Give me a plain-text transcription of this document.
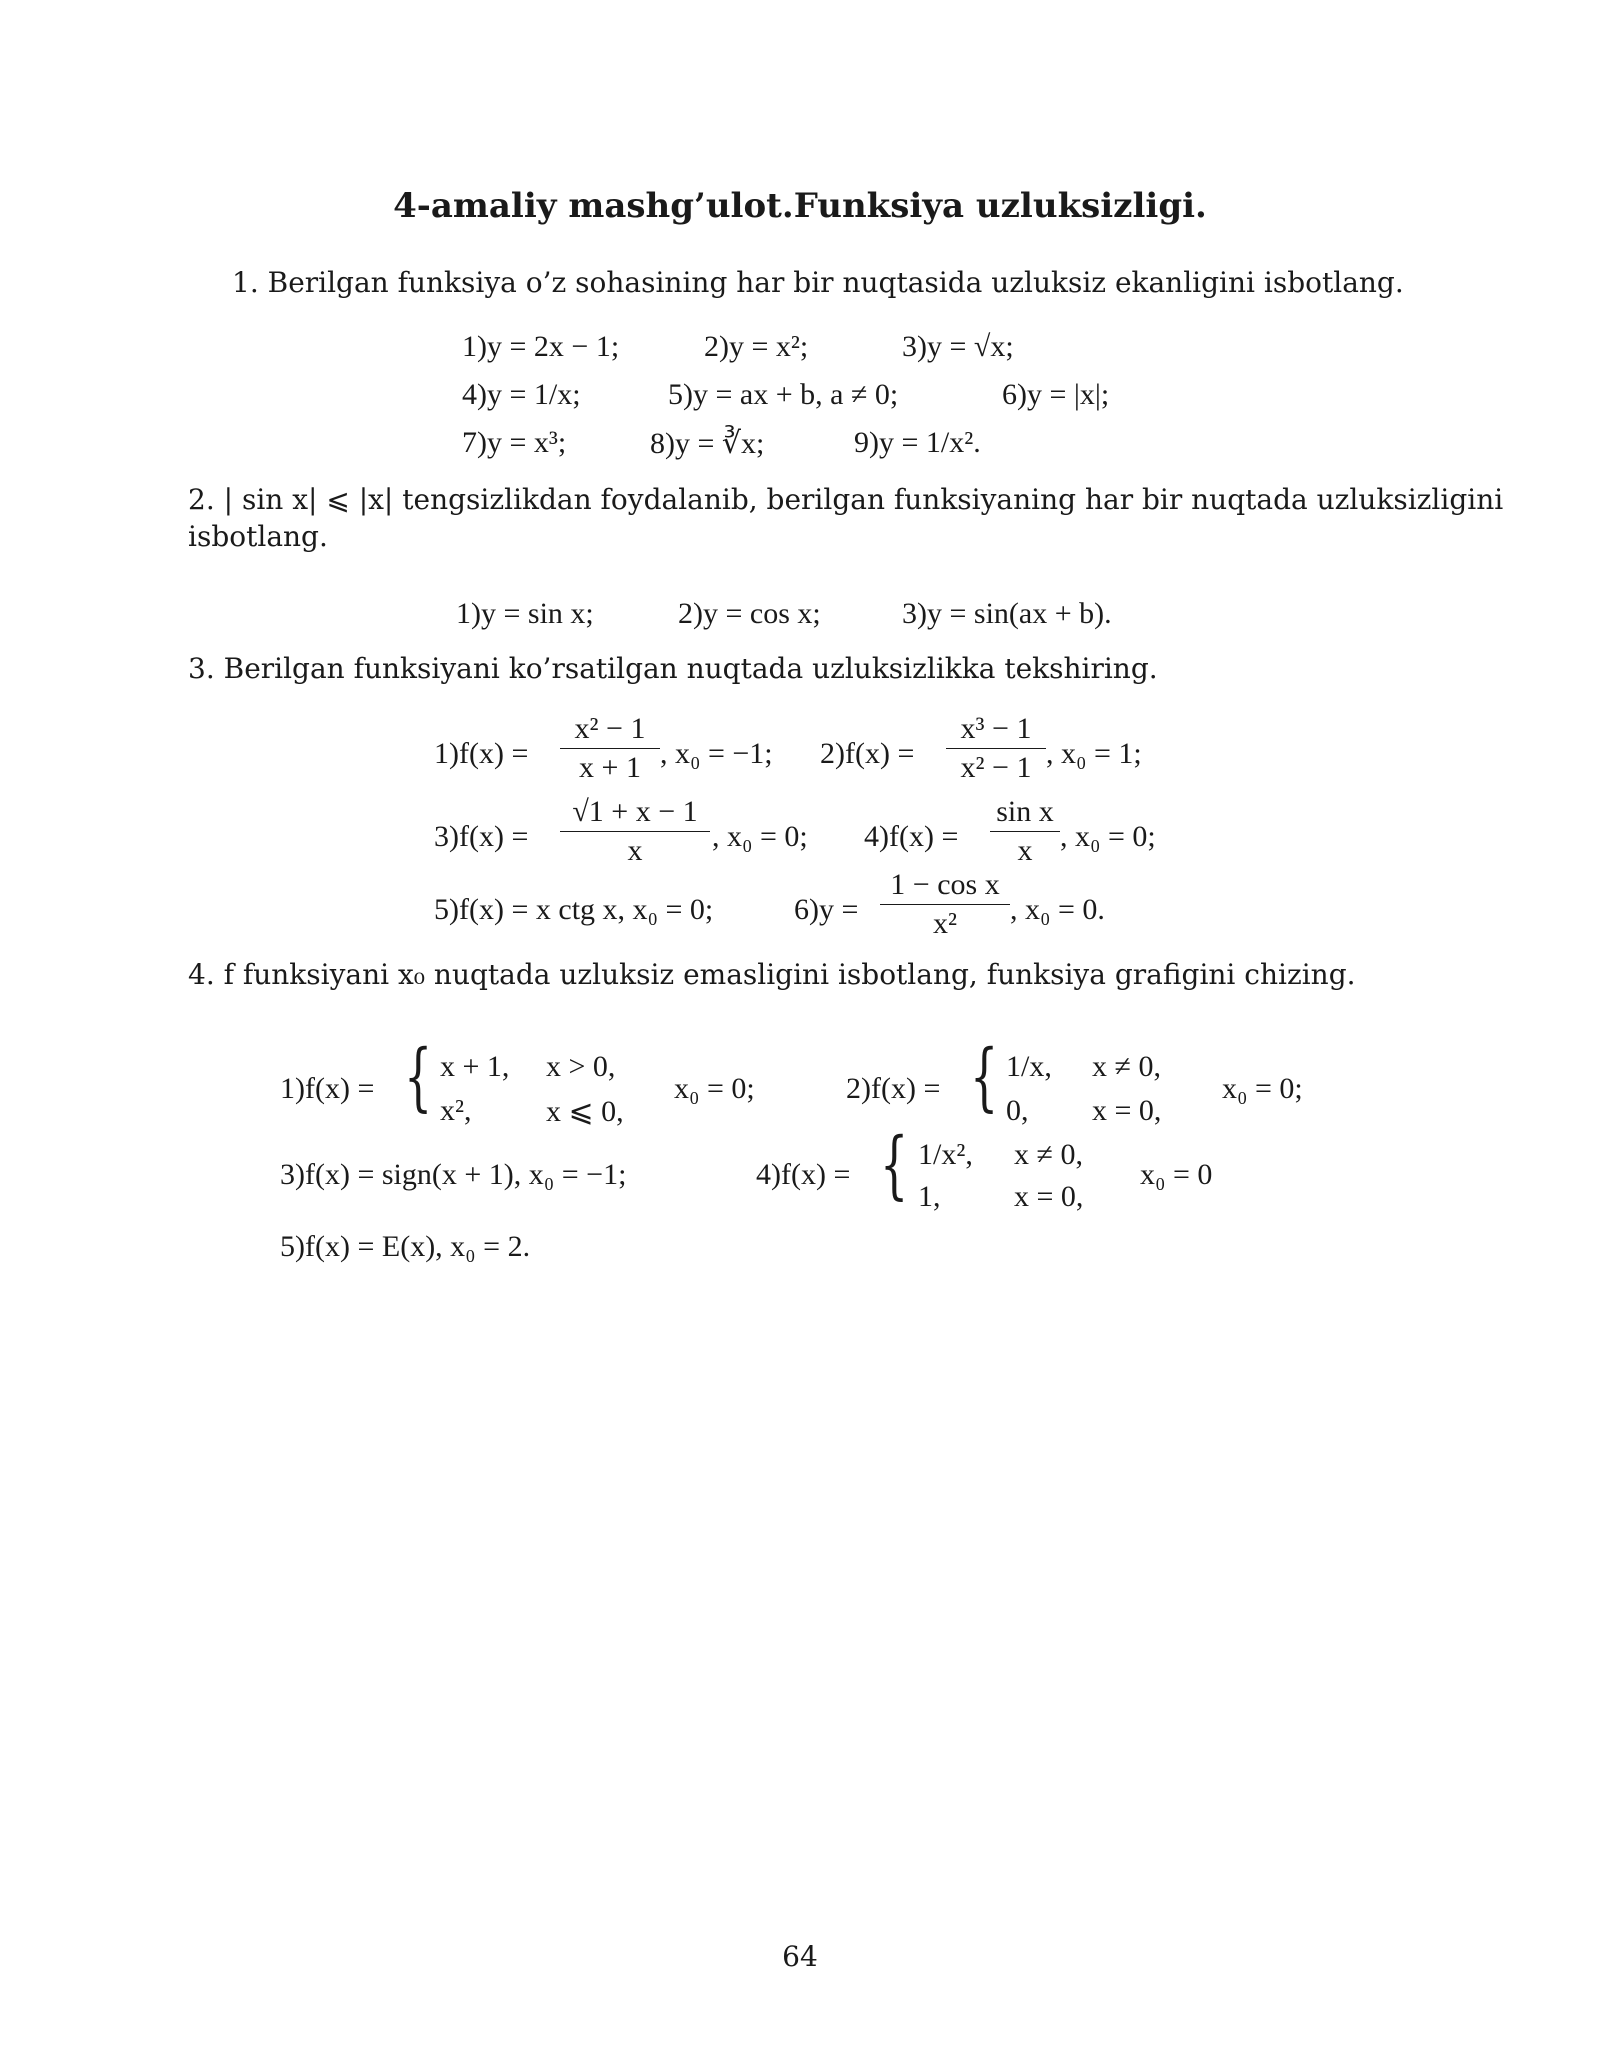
4-amaliy mashg’ulot.Funksiya uzluksizligi.
1. Berilgan funksiya o’z sohasining har bir nuqtasida uzluksiz ekanligini isbotlang.
1)y = 2x − 1;	2)y = x²;	3)y = √x;
4)y = 1/x;	5)y = ax + b, a ≠ 0;	6)y = |x|;
7)y = x³;	8)y = ∛x;	9)y = 1/x².
2. | sin x| ⩽ |x| tengsizlikdan foydalanib, berilgan funksiyaning har bir nuqtada uzluksizligini
isbotlang.
1)y = sin x;	2)y = cos x;	3)y = sin(ax + b).
3. Berilgan funksiyani ko’rsatilgan nuqtada uzluksizlikka tekshiring.
1)f(x) =
x² − 1
x + 1 , x₀ = −1; 2)f(x) =
x³ − 1
x² − 1 , x₀ = 1;
3)f(x) =
√1 + x − 1
x	, x₀ = 0; 4)f(x) =
sin x
x , x₀ = 0;
5)f(x) = x ctg x, x₀ = 0;	6)y =
1 − cos x
x²	, x₀ = 0.
4. f funksiyani x₀ nuqtada uzluksiz emasligini isbotlang, funksiya grafigini chizing.
1)f(x) = { x + 1, x > 0,
x², x ⩽ 0,
x₀ = 0;	2)f(x) = { 1/x, x ≠ 0,
0, x = 0,
x₀ = 0;
3)f(x) = sign(x + 1), x₀ = −1;	4)f(x) = { 1/x², x ≠ 0,
1, x = 0,
x₀ = 0
5)f(x) = E(x), x₀ = 2.
64
